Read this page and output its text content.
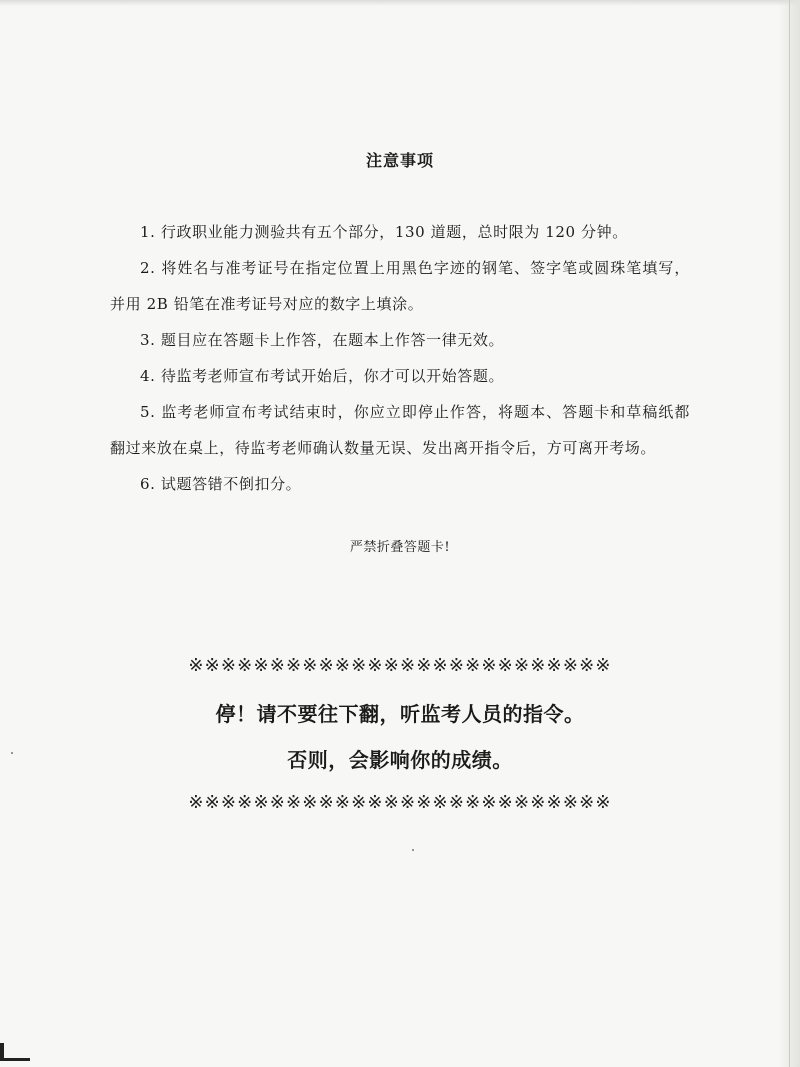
注意事项
1. 行政职业能力测验共有五个部分，130 道题，总时限为 120 分钟。
2. 将姓名与准考证号在指定位置上用黑色字迹的钢笔、签字笔或圆珠笔填写，并用 2B 铅笔在准考证号对应的数字上填涂。
3. 题目应在答题卡上作答，在题本上作答一律无效。
4. 待监考老师宣布考试开始后，你才可以开始答题。
5. 监考老师宣布考试结束时，你应立即停止作答，将题本、答题卡和草稿纸都翻过来放在桌上，待监考老师确认数量无误、发出离开指令后，方可离开考场。
6. 试题答错不倒扣分。
严禁折叠答题卡!
※※※※※※※※※※※※※※※※※※※※※※※※※※
停！请不要往下翻，听监考人员的指令。
否则，会影响你的成绩。
※※※※※※※※※※※※※※※※※※※※※※※※※※
